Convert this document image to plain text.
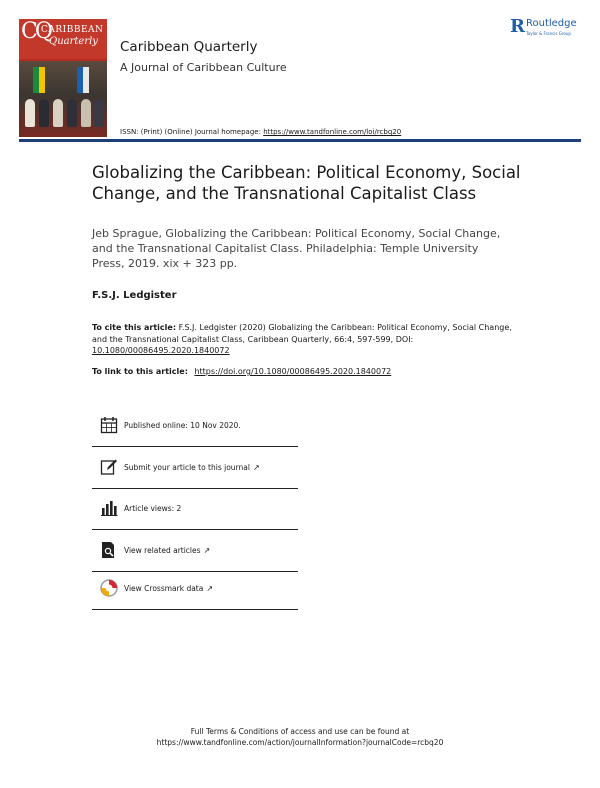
CQ
CARIBBEAN
Quarterly Caribbean Quarterly
A Journal of Caribbean Culture
ISSN: (Print) (Online) Journal homepage: https://www.tandfonline.com/loi/rcbq20
R Routledge
Taylor & Francis Group
Globalizing the Caribbean: Political Economy, Social Change, and the Transnational Capitalist Class
Jeb Sprague, Globalizing the Caribbean: Political Economy, Social Change, and the Transnational Capitalist Class. Philadelphia: Temple University Press, 2019. xix + 323 pp.
F.S.J. Ledgister
To cite this article: F.S.J. Ledgister (2020) Globalizing the Caribbean: Political Economy, Social Change, and the Transnational Capitalist Class, Caribbean Quarterly, 66:4, 597-599, DOI: 10.1080/00086495.2020.1840072
To link to this article: https://doi.org/10.1080/00086495.2020.1840072
Published online: 10 Nov 2020.
Submit your article to this journal ↗
Article views: 2
View related articles ↗
View Crossmark data ↗
Full Terms & Conditions of access and use can be found at
https://www.tandfonline.com/action/journalInformation?journalCode=rcbq20
